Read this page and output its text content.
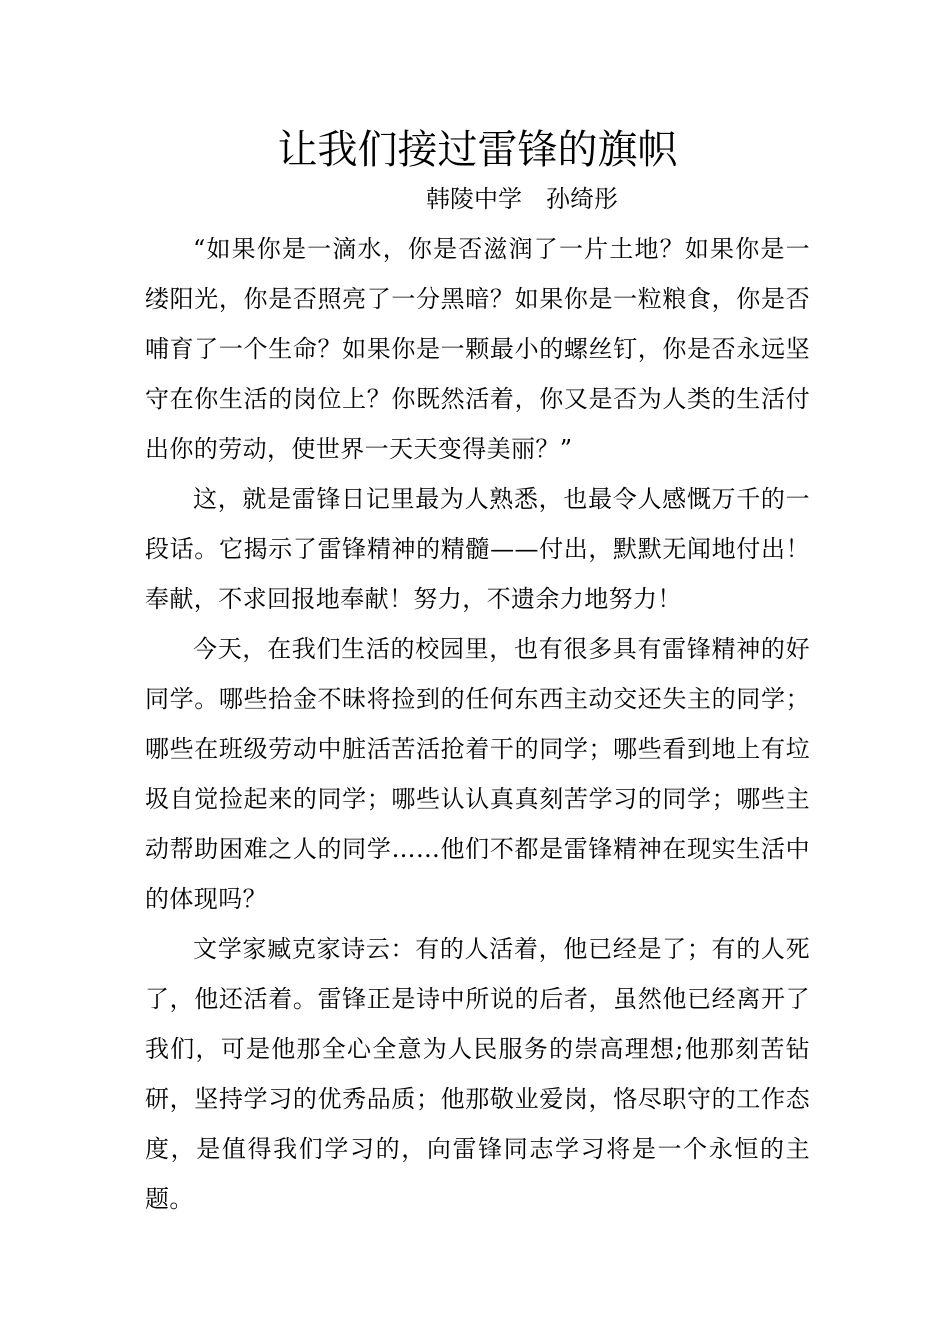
让我们接过雷锋的旗帜
韩陵中学 孙绮彤

“如果你是一滴水，你是否滋润了一片土地？如果你是一缕阳光，你是否照亮了一分黑暗？如果你是一粒粮食，你是否哺育了一个生命？如果你是一颗最小的螺丝钉，你是否永远坚守在你生活的岗位上？你既然活着，你又是否为人类的生活付出你的劳动，使世界一天天变得美丽？”

这，就是雷锋日记里最为人熟悉，也最令人感慨万千的一段话。它揭示了雷锋精神的精髓——付出，默默无闻地付出！奉献，不求回报地奉献！努力，不遗余力地努力！

今天，在我们生活的校园里，也有很多具有雷锋精神的好同学。哪些拾金不昧将捡到的任何东西主动交还失主的同学；哪些在班级劳动中脏活苦活抢着干的同学；哪些看到地上有垃圾自觉捡起来的同学；哪些认认真真刻苦学习的同学；哪些主动帮助困难之人的同学……他们不都是雷锋精神在现实生活中的体现吗？

文学家臧克家诗云：有的人活着，他已经是了；有的人死了，他还活着。雷锋正是诗中所说的后者，虽然他已经离开了我们，可是他那全心全意为人民服务的崇高理想;他那刻苦钻研，坚持学习的优秀品质；他那敬业爱岗，恪尽职守的工作态度，是值得我们学习的，向雷锋同志学习将是一个永恒的主题。
